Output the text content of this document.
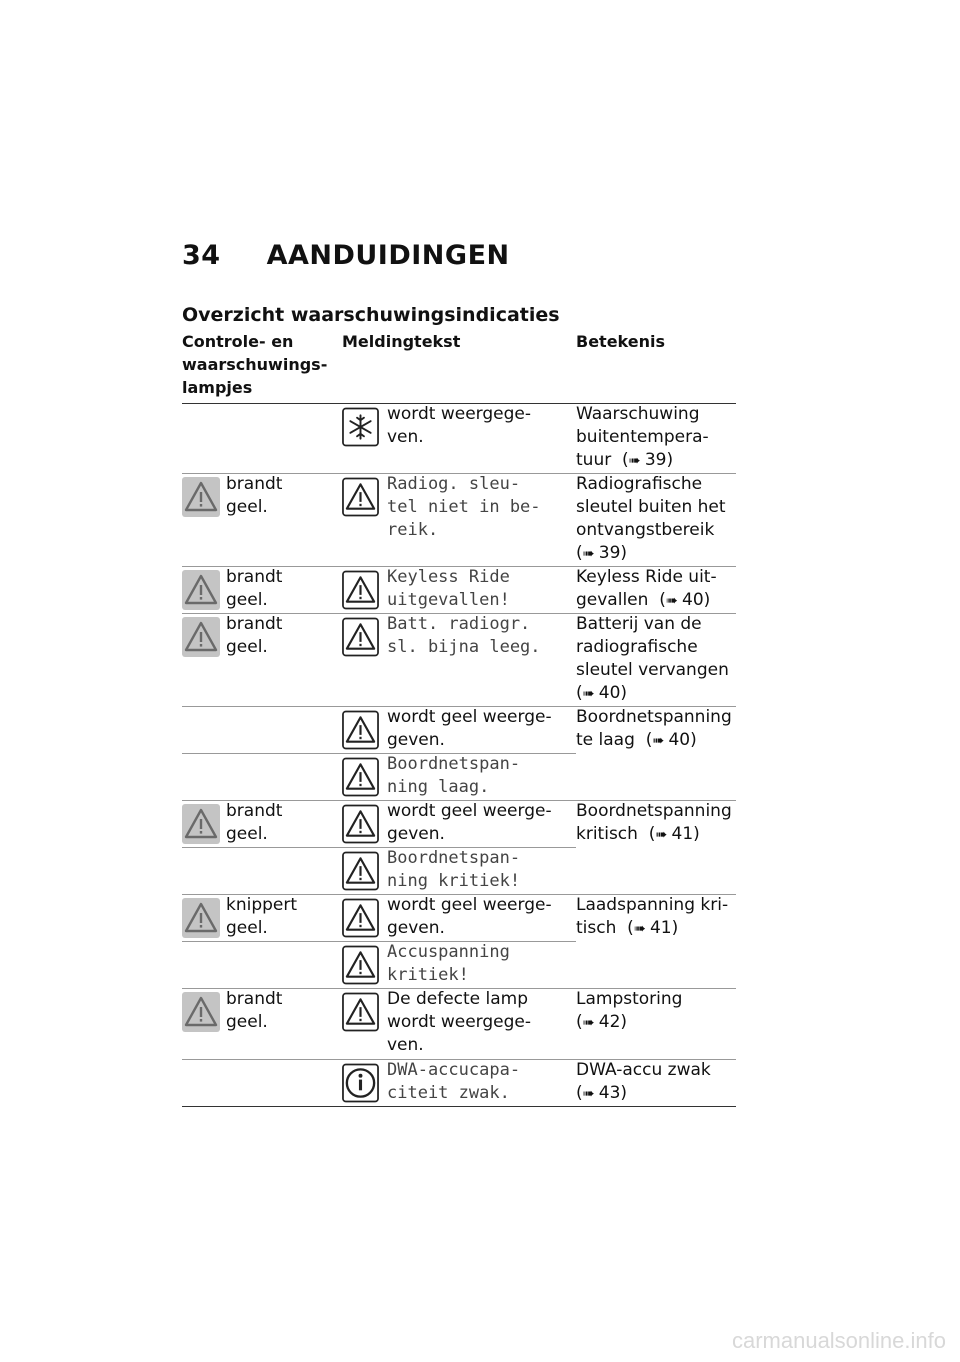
34 AANDUIDINGEN
Overzicht waarschuwingsindicaties
Controle- en
waarschuwings-
lampjes
Meldingtekst	Betekenis
wordt weergege-
ven.
Waarschuwing
buitentempera-
tuur  (➠ 39)
brandt
geel.
Radiog. sleu-
tel niet in be-
reik.
Radiografische
sleutel buiten het
ontvangstbereik
(➠ 39)
brandt
geel.
Keyless Ride
uitgevallen!
Keyless Ride uit-
gevallen  (➠ 40)
brandt
geel.
Batt. radiogr.
sl. bijna leeg.
Batterij van de
radiografische
sleutel vervangen
(➠ 40)
wordt geel weerge-
geven.
Boordnetspan-
ning laag.
Boordnetspanning
te laag  (➠ 40)
brandt
geel.
wordt geel weerge-
geven.
Boordnetspan-
ning kritiek!
Boordnetspanning
kritisch  (➠ 41)
knippert
geel.
wordt geel weerge-
geven.
Accuspanning
kritiek!
Laadspanning kri-
tisch  (➠ 41)
brandt
geel.
De defecte lamp
wordt weergege-
ven.
Lampstoring
(➠ 42)
DWA-accucapa-
citeit zwak.
DWA-accu zwak
(➠ 43)
carmanualsonline.info
